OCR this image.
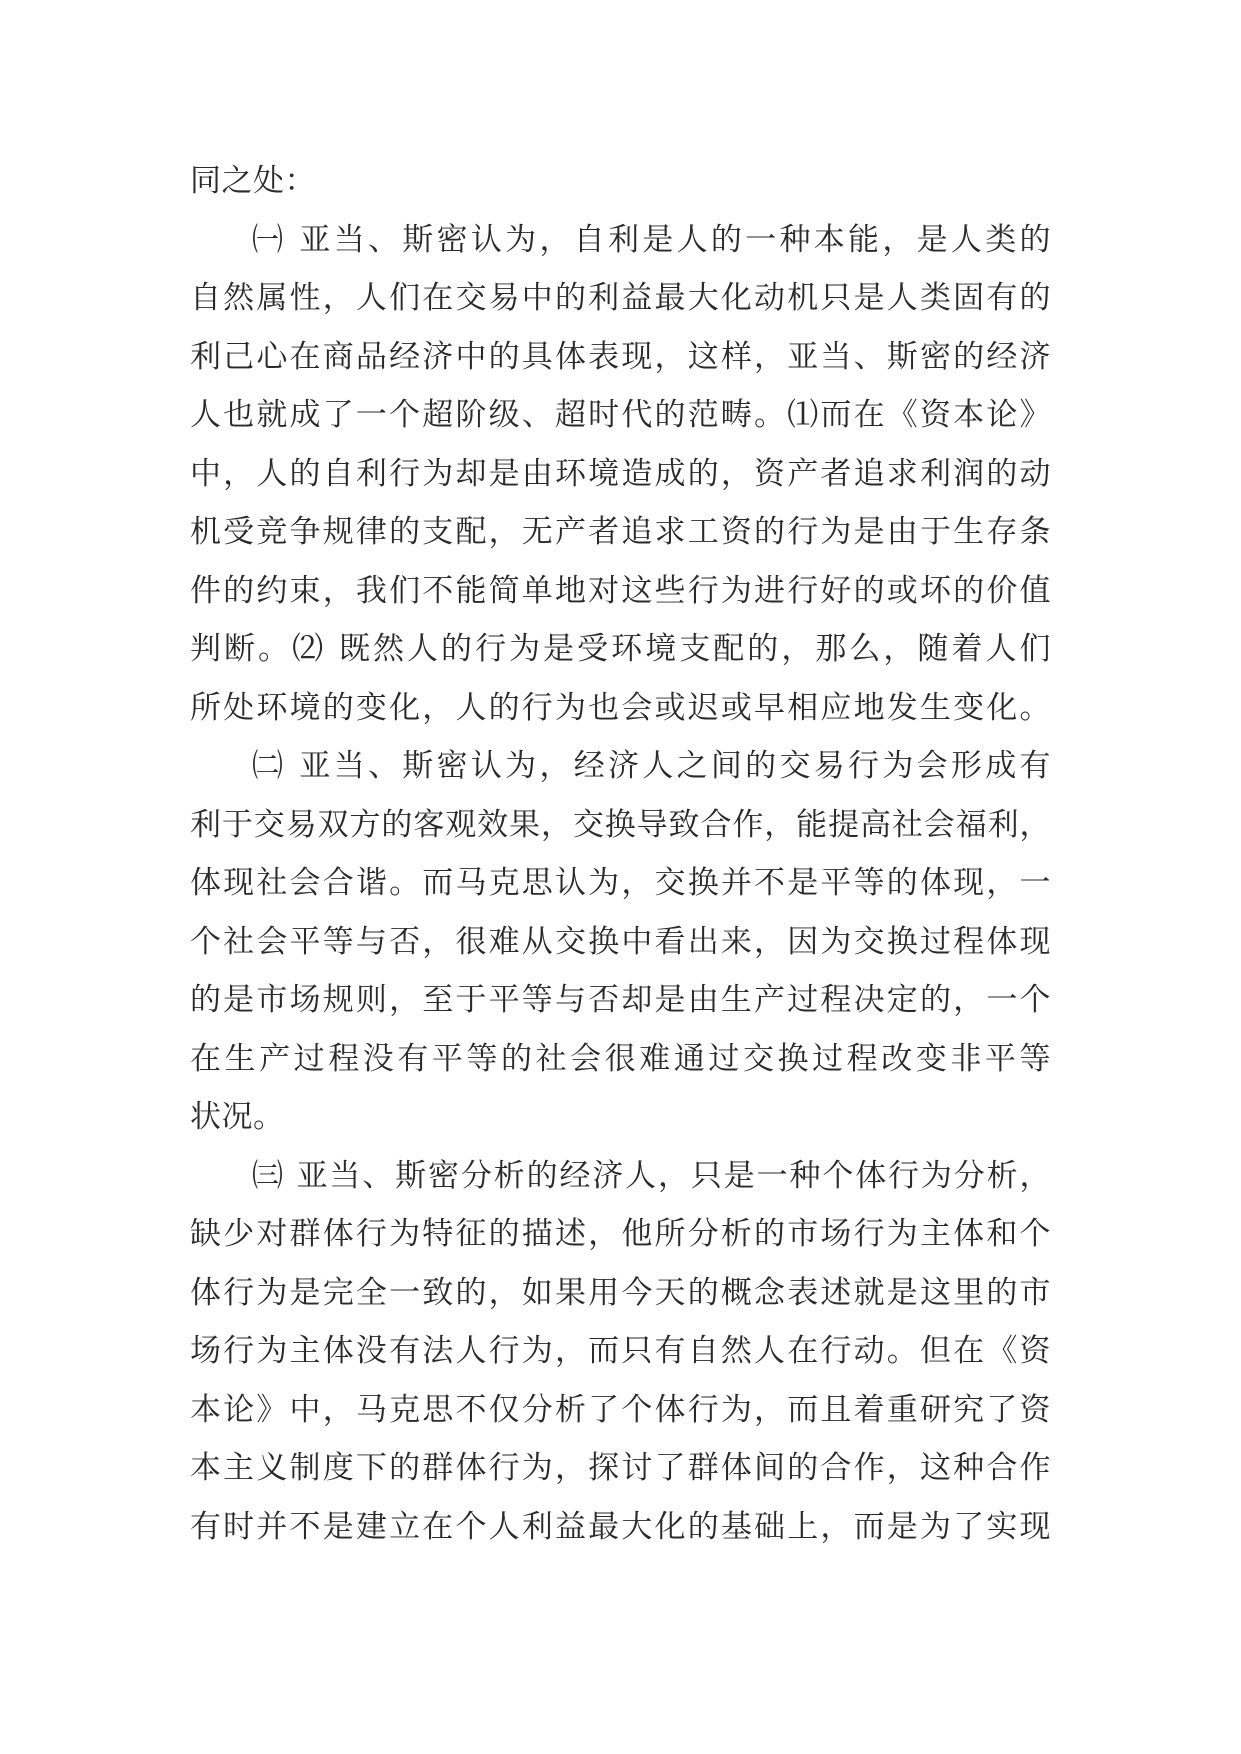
同之处：
㈠ 亚当、斯密认为，自利是人的一种本能，是人类的
自然属性，人们在交易中的利益最大化动机只是人类固有的
利己心在商品经济中的具体表现，这样，亚当、斯密的经济
人也就成了一个超阶级、超时代的范畴。⑴而在《资本论》
中，人的自利行为却是由环境造成的，资产者追求利润的动
机受竞争规律的支配，无产者追求工资的行为是由于生存条
件的约束，我们不能简单地对这些行为进行好的或坏的价值
判断。⑵ 既然人的行为是受环境支配的，那么，随着人们
所处环境的变化，人的行为也会或迟或早相应地发生变化。
㈡ 亚当、斯密认为，经济人之间的交易行为会形成有
利于交易双方的客观效果，交换导致合作，能提高社会福利，
体现社会合谐。而马克思认为，交换并不是平等的体现，一
个社会平等与否，很难从交换中看出来，因为交换过程体现
的是市场规则，至于平等与否却是由生产过程决定的，一个
在生产过程没有平等的社会很难通过交换过程改变非平等
状况。
㈢ 亚当、斯密分析的经济人，只是一种个体行为分析，
缺少对群体行为特征的描述，他所分析的市场行为主体和个
体行为是完全一致的，如果用今天的概念表述就是这里的市
场行为主体没有法人行为，而只有自然人在行动。但在《资
本论》中，马克思不仅分析了个体行为，而且着重研究了资
本主义制度下的群体行为，探讨了群体间的合作，这种合作
有时并不是建立在个人利益最大化的基础上，而是为了实现
